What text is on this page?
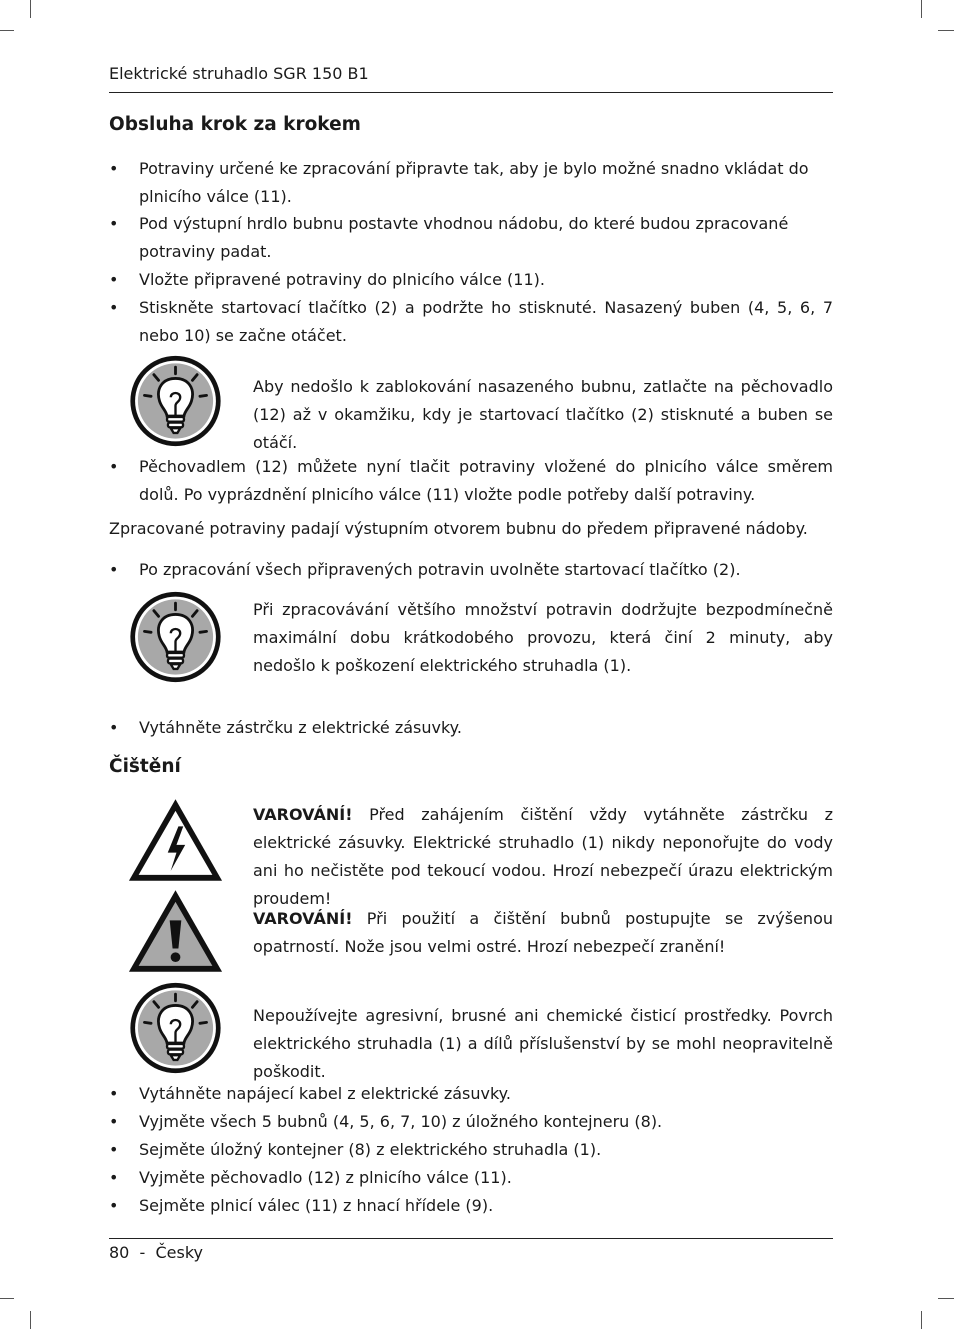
Elektrické struhadlo SGR 150 B1
Obsluha krok za krokem
• Potraviny určené ke zpracování připravte tak, aby je bylo možné snadno vkládat do plnicího válce (11).
• Pod výstupní hrdlo bubnu postavte vhodnou nádobu, do které budou zpracované potraviny padat.
• Vložte připravené potraviny do plnicího válce (11).
• Stiskněte startovací tlačítko (2) a podržte ho stisknuté. Nasazený buben (4, 5, 6, 7 nebo 10) se začne otáčet.
Aby nedošlo k zablokování nasazeného bubnu, zatlačte na pěchovadlo (12) až v okamžiku, kdy je startovací tlačítko (2) stisknuté a buben se otáčí.
• Pěchovadlem (12) můžete nyní tlačit potraviny vložené do plnicího válce směrem dolů. Po vyprázdnění plnicího válce (11) vložte podle potřeby další potraviny.
Zpracované potraviny padají výstupním otvorem bubnu do předem připravené nádoby.
• Po zpracování všech připravených potravin uvolněte startovací tlačítko (2).
Při zpracovávání většího množství potravin dodržujte bezpodmínečně maximální dobu krátkodobého provozu, která činí 2 minuty, aby nedošlo k poškození elektrického struhadla (1).
• Vytáhněte zástrčku z elektrické zásuvky.
Čištění
VAROVÁNÍ! Před zahájením čištění vždy vytáhněte zástrčku z elektrické zásuvky. Elektrické struhadlo (1) nikdy neponořujte do vody ani ho nečistěte pod tekoucí vodou. Hrozí nebezpečí úrazu elektrickým proudem!
VAROVÁNÍ! Při použití a čištění bubnů postupujte se zvýšenou opatrností. Nože jsou velmi ostré. Hrozí nebezpečí zranění!
Nepoužívejte agresivní, brusné ani chemické čisticí prostředky. Povrch elektrického struhadla (1) a dílů příslušenství by se mohl neopravitelně poškodit.
• Vytáhněte napájecí kabel z elektrické zásuvky.
• Vyjměte všech 5 bubnů (4, 5, 6, 7, 10) z úložného kontejneru (8).
• Sejměte úložný kontejner (8) z elektrického struhadla (1).
• Vyjměte pěchovadlo (12) z plnicího válce (11).
• Sejměte plnicí válec (11) z hnací hřídele (9).
80 - Česky
